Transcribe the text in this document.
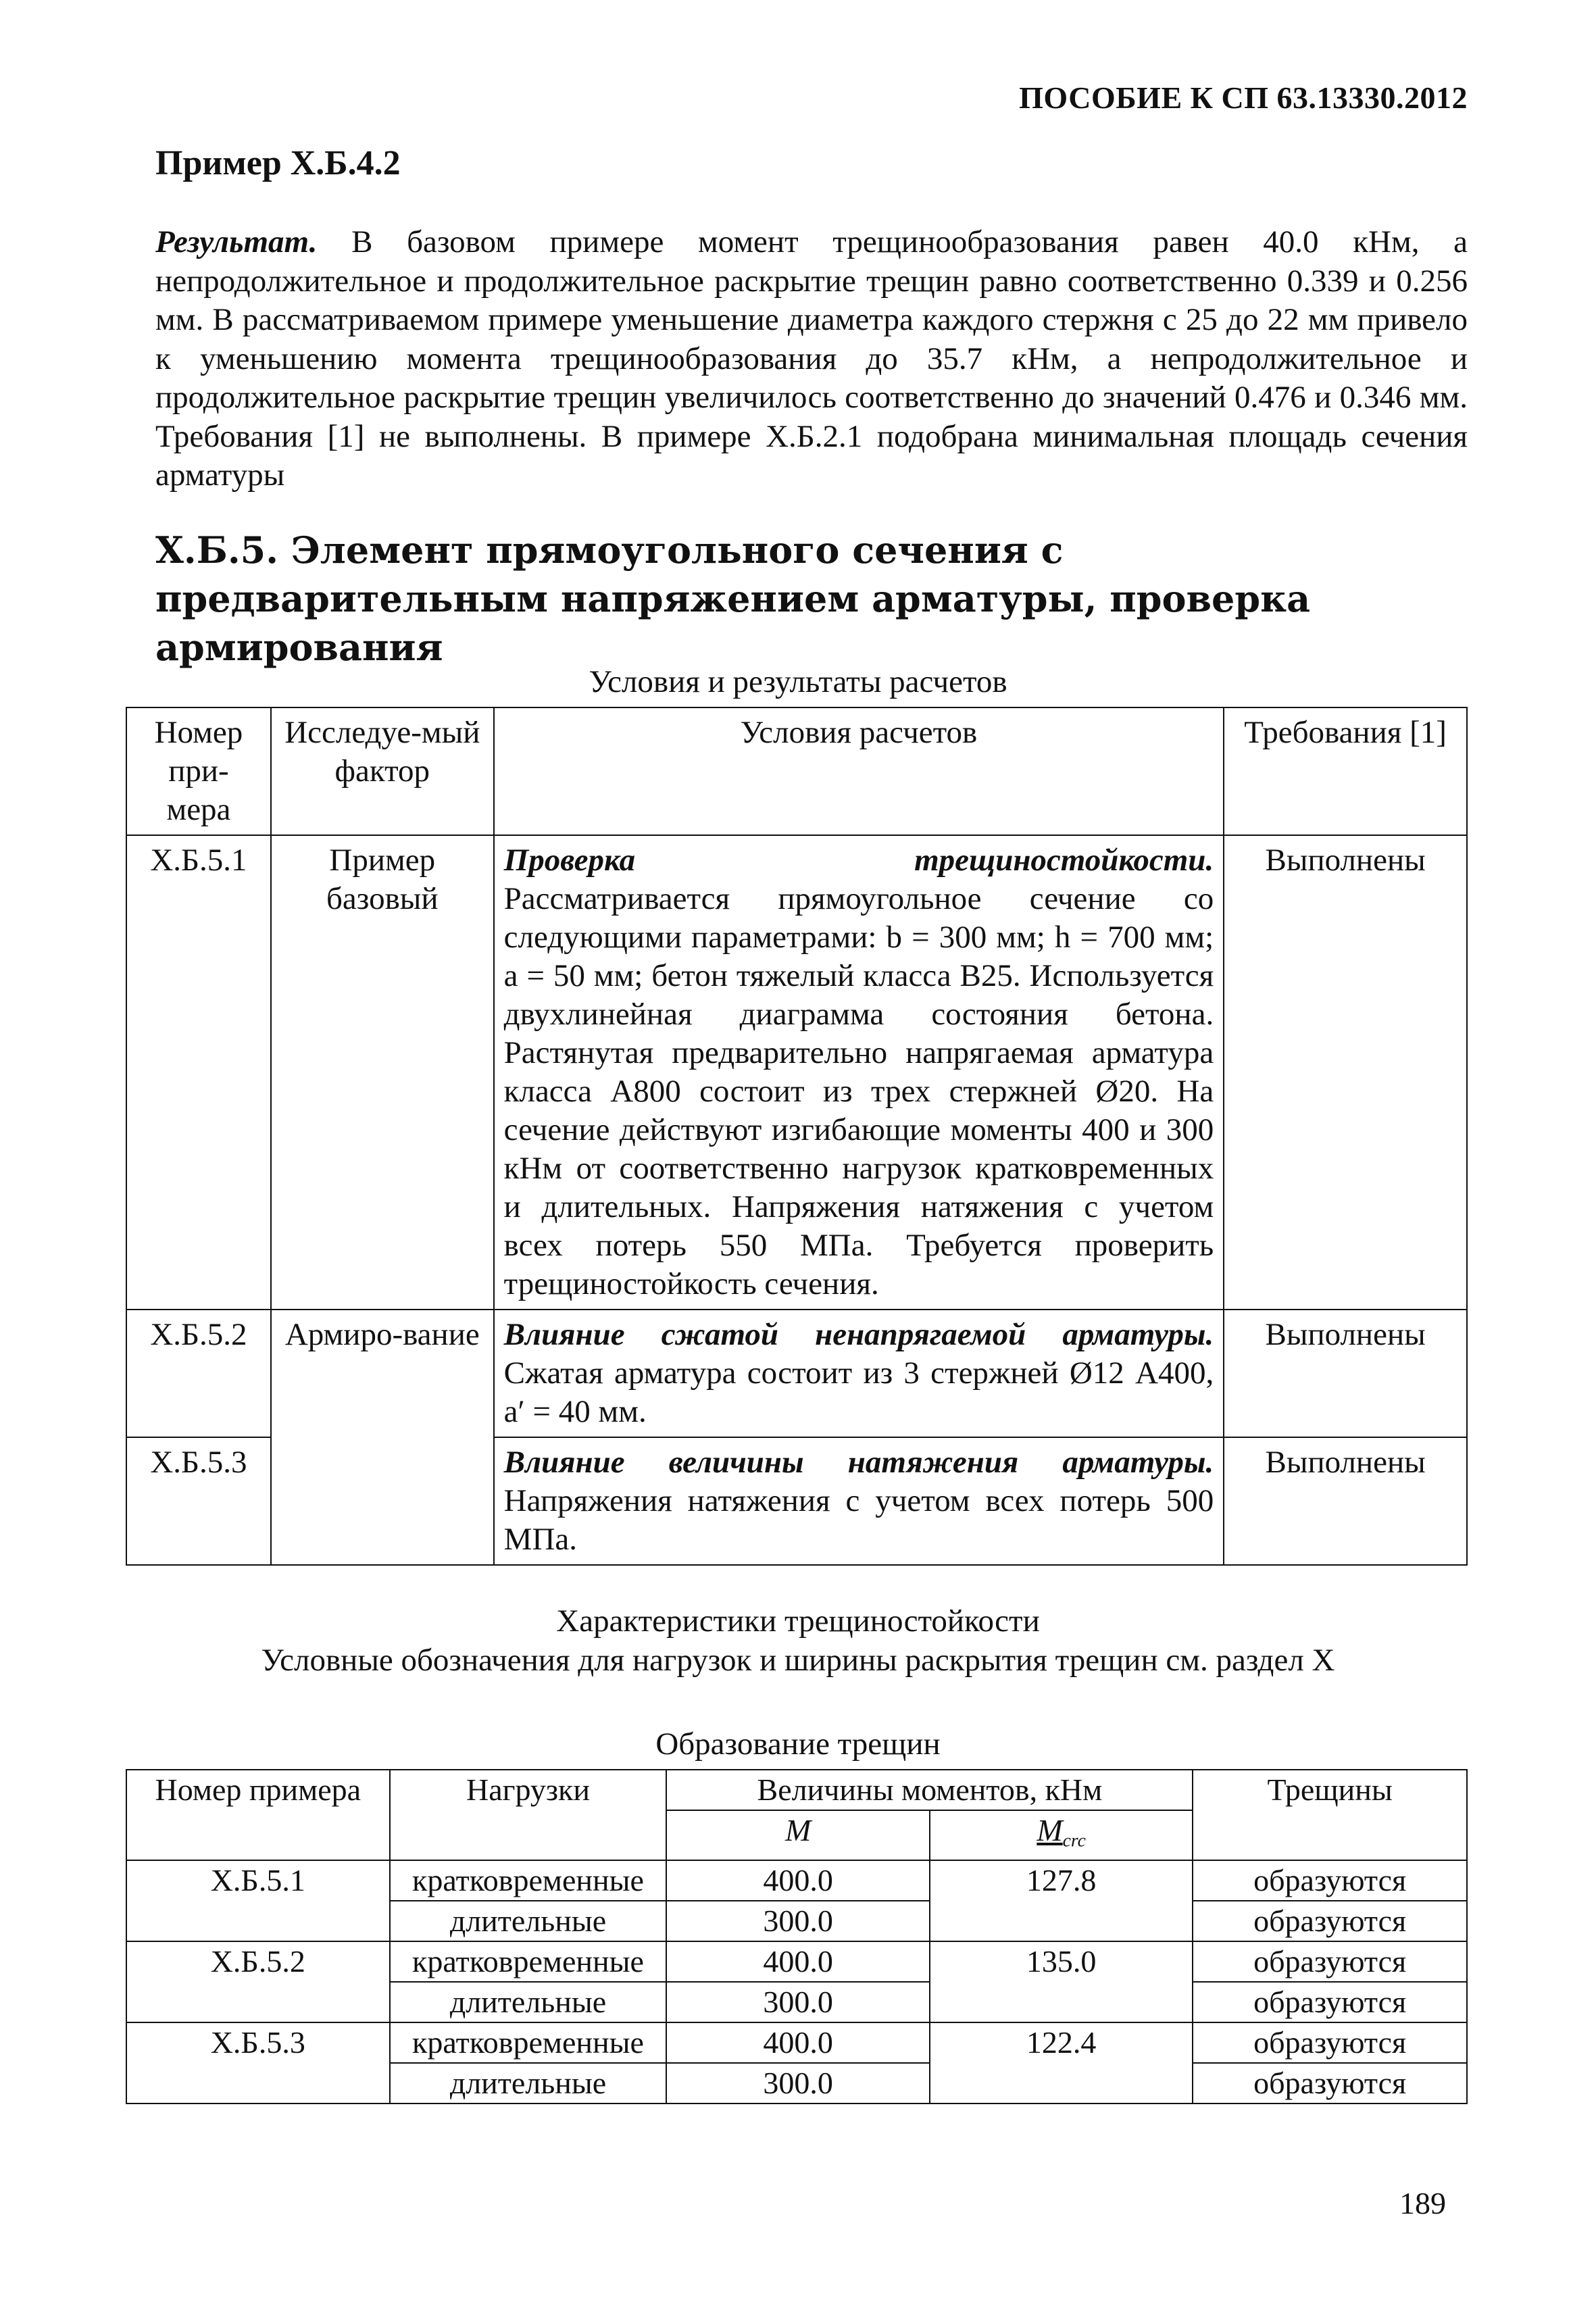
ПОСОБИЕ К СП 63.13330.2012
Пример Х.Б.4.2
Результат. В базовом примере момент трещинообразования равен 40.0 кНм, а непродолжительное и продолжительное раскрытие трещин равно соответственно 0.339 и 0.256 мм. В рассматриваемом примере уменьшение диаметра каждого стержня с 25 до 22 мм привело к уменьшению момента трещинообразования до 35.7 кНм, а непродолжительное и продолжительное раскрытие трещин увеличилось соответственно до значений 0.476 и 0.346 мм. Требования [1] не выполнены. В примере Х.Б.2.1 подобрана минимальная площадь сечения арматуры
Х.Б.5. Элемент прямоугольного сечения с предварительным напряжением арматуры, проверка армирования
Условия и результаты расчетов
Номер при-мера	Исследуе-мый фактор	Условия расчетов	Требования [1]
Х.Б.5.1	Пример базовый	Проверка трещиностойкости.
Рассматривается прямоугольное сечение со следующими параметрами: b = 300 мм; h = 700 мм; a = 50 мм; бетон тяжелый класса В25. Используется двухлинейная диаграмма состояния бетона. Растянутая предварительно напрягаемая арматура класса А800 состоит из трех стержней Ø20. На сечение действуют изгибающие моменты 400 и 300 кНм от соответственно нагрузок кратковременных и длительных. Напряжения натяжения с учетом всех потерь 550 МПа. Требуется проверить трещиностойкость сечения.	Выполнены
Х.Б.5.2	Армиро-вание	Влияние сжатой ненапрягаемой арматуры.
Сжатая арматура состоит из 3 стержней Ø12 А400, a′ = 40 мм.	Выполнены
Х.Б.5.3		Влияние величины натяжения арматуры.
Напряжения натяжения с учетом всех потерь 500 МПа.	Выполнены
Характеристики трещиностойкости
Условные обозначения для нагрузок и ширины раскрытия трещин см. раздел Х
Образование трещин
Номер примера	Нагрузки	Величины моментов, кНм		Трещины
		M	$M_{crc}$
Х.Б.5.1	кратковременные	400.0	127.8	образуются
	длительные	300.0		образуются
Х.Б.5.2	кратковременные	400.0	135.0	образуются
	длительные	300.0		образуются
Х.Б.5.3	кратковременные	400.0	122.4	образуются
	длительные	300.0		образуются
189
